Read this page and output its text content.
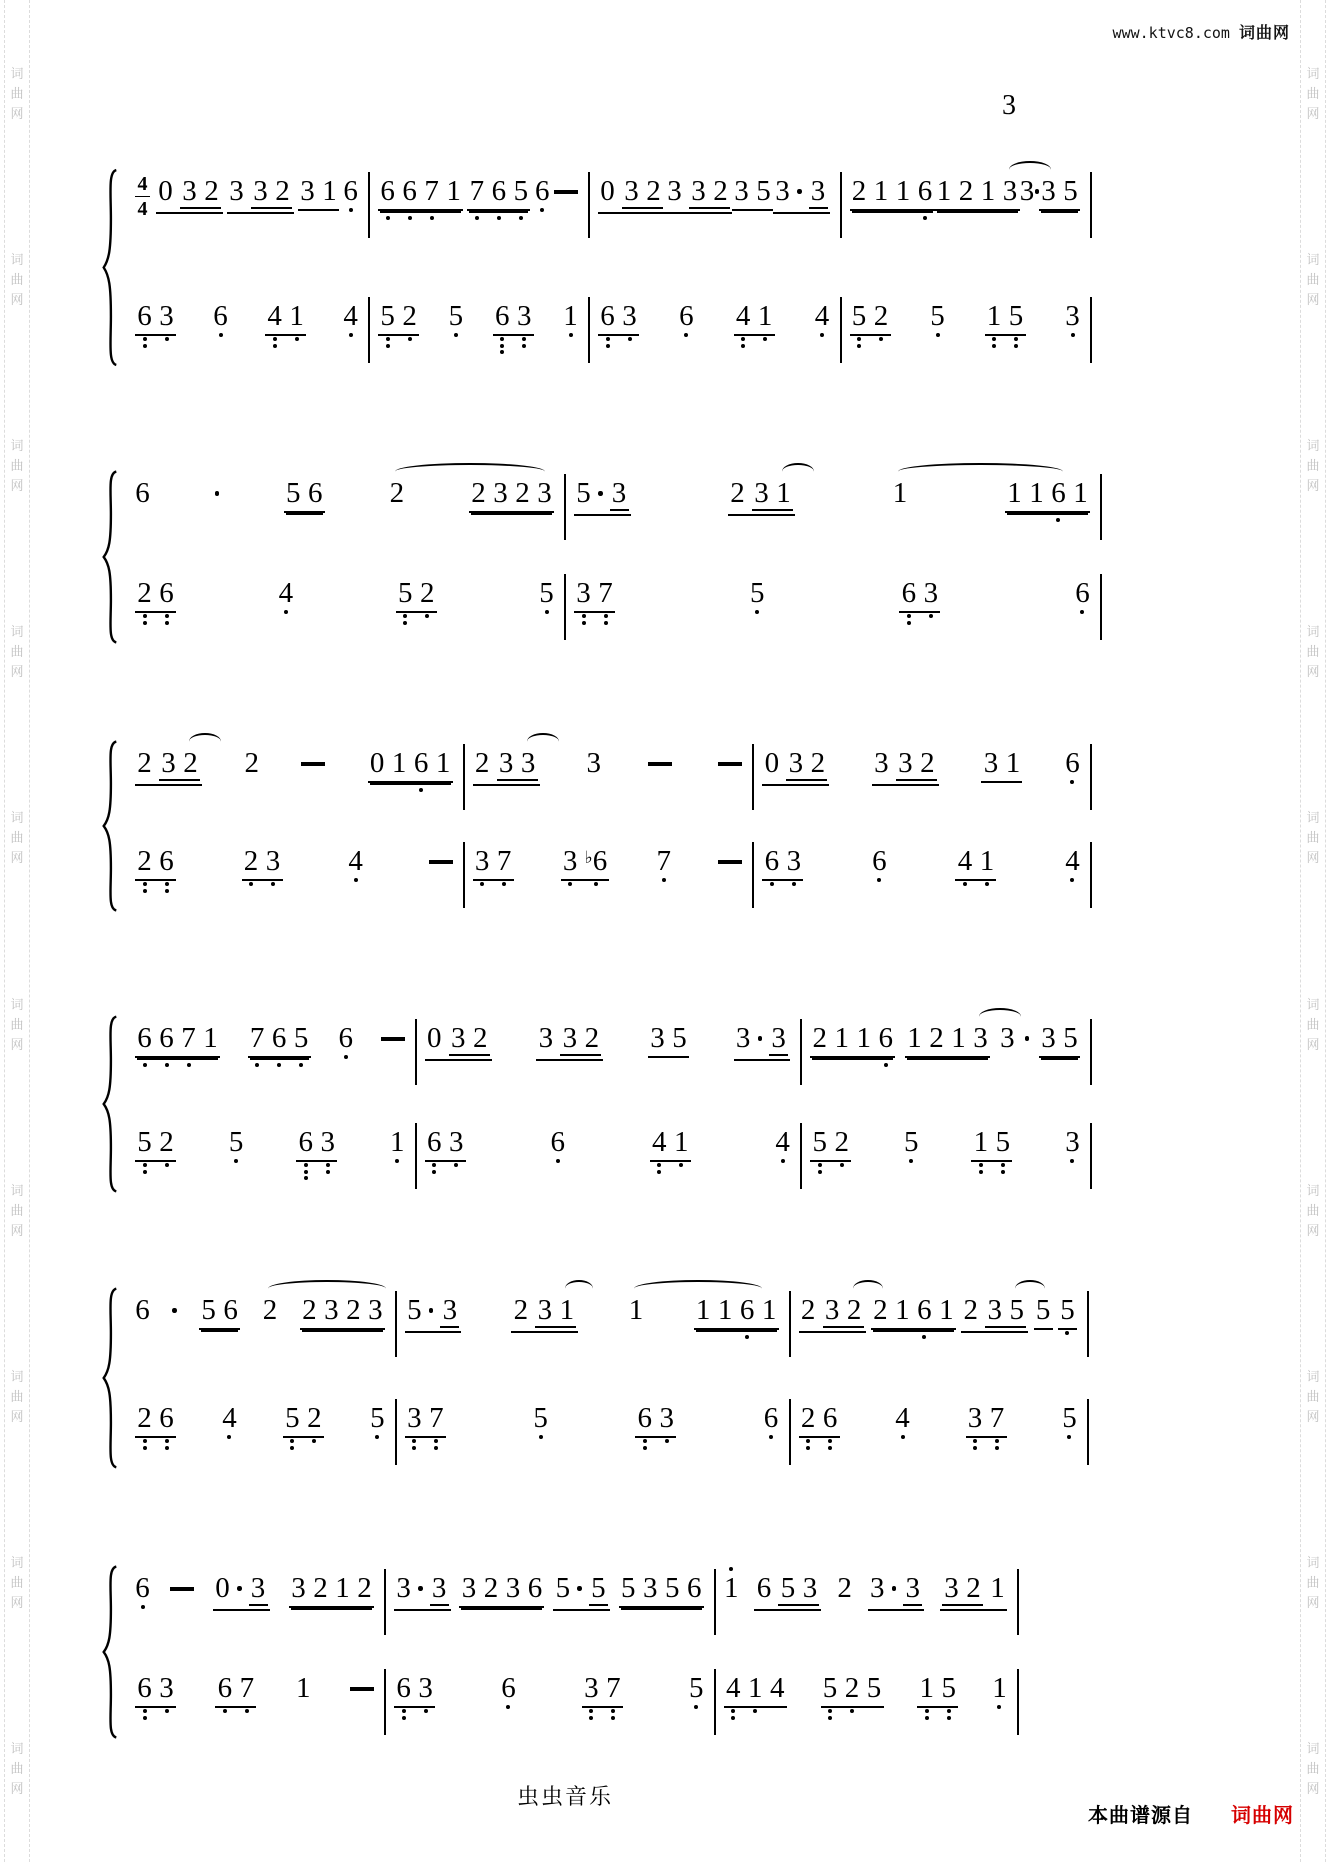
词
曲
网
词
曲
网
词
曲
网
词
曲
网
词
曲
网
词
曲
网
词
曲
网
词
曲
网
词
曲
网
词
曲
网
词
曲
网
词
曲
网
词
曲
网
词
曲
网
词
曲
网
词
曲
网
词
曲
网
词
曲
网
词
曲
网
词
曲
网
www.ktvc8.com 词曲网
3
4
4
0 3 2 3 3 2 3 1 6 6 6 7 1 7 6 5 6 0 3 2 3 3 2 3 5 3 3 2 1 1 6 1 2 1 3 3 3 5
6 3 6 4 1 4 5 2 5 6 3 1 6 3 6 4 1 4 5 2 5 1 5 3
6	5 6 2 2 3 2 3 5 3	2 3 1	1	1 1 6 1
2 6	4	5 2	5 3 7	5	6 3	6
2 3 2 2	0 1 6 1 2 3 3 3	0 3 2 3 3 2 3 1 6
2 6 2 3 4	3 7 3 ♭6 7	6 3 6 4 1 4
6 6 7 1 7 6 5 6	0 3 2 3 3 2 3 5 3 3 2 1 1 6 1 2 1 3 3 3 5
5 2 5 6 3 1 6 3	6	4 1	4 5 2 5 1 5 3
6 5 6 2 2 3 2 3 5 3 2 3 1 1 1 1 6 1 2 3 2 2 1 6 1 2 3 5 5 5
2 6 4 5 2 5 3 7	5	6 3	6 2 6 4 3 7 5
6 0 3 3 2 1 2 3 3 3 2 3 6 5 5 5 3 5 6 1 6 5 3 2 3 3 3 2 1
6 3 6 7 1	6 3 6 3 7 5 4 1 4 5 2 5 1 5 1
虫虫音乐
本曲谱源自 词曲网
